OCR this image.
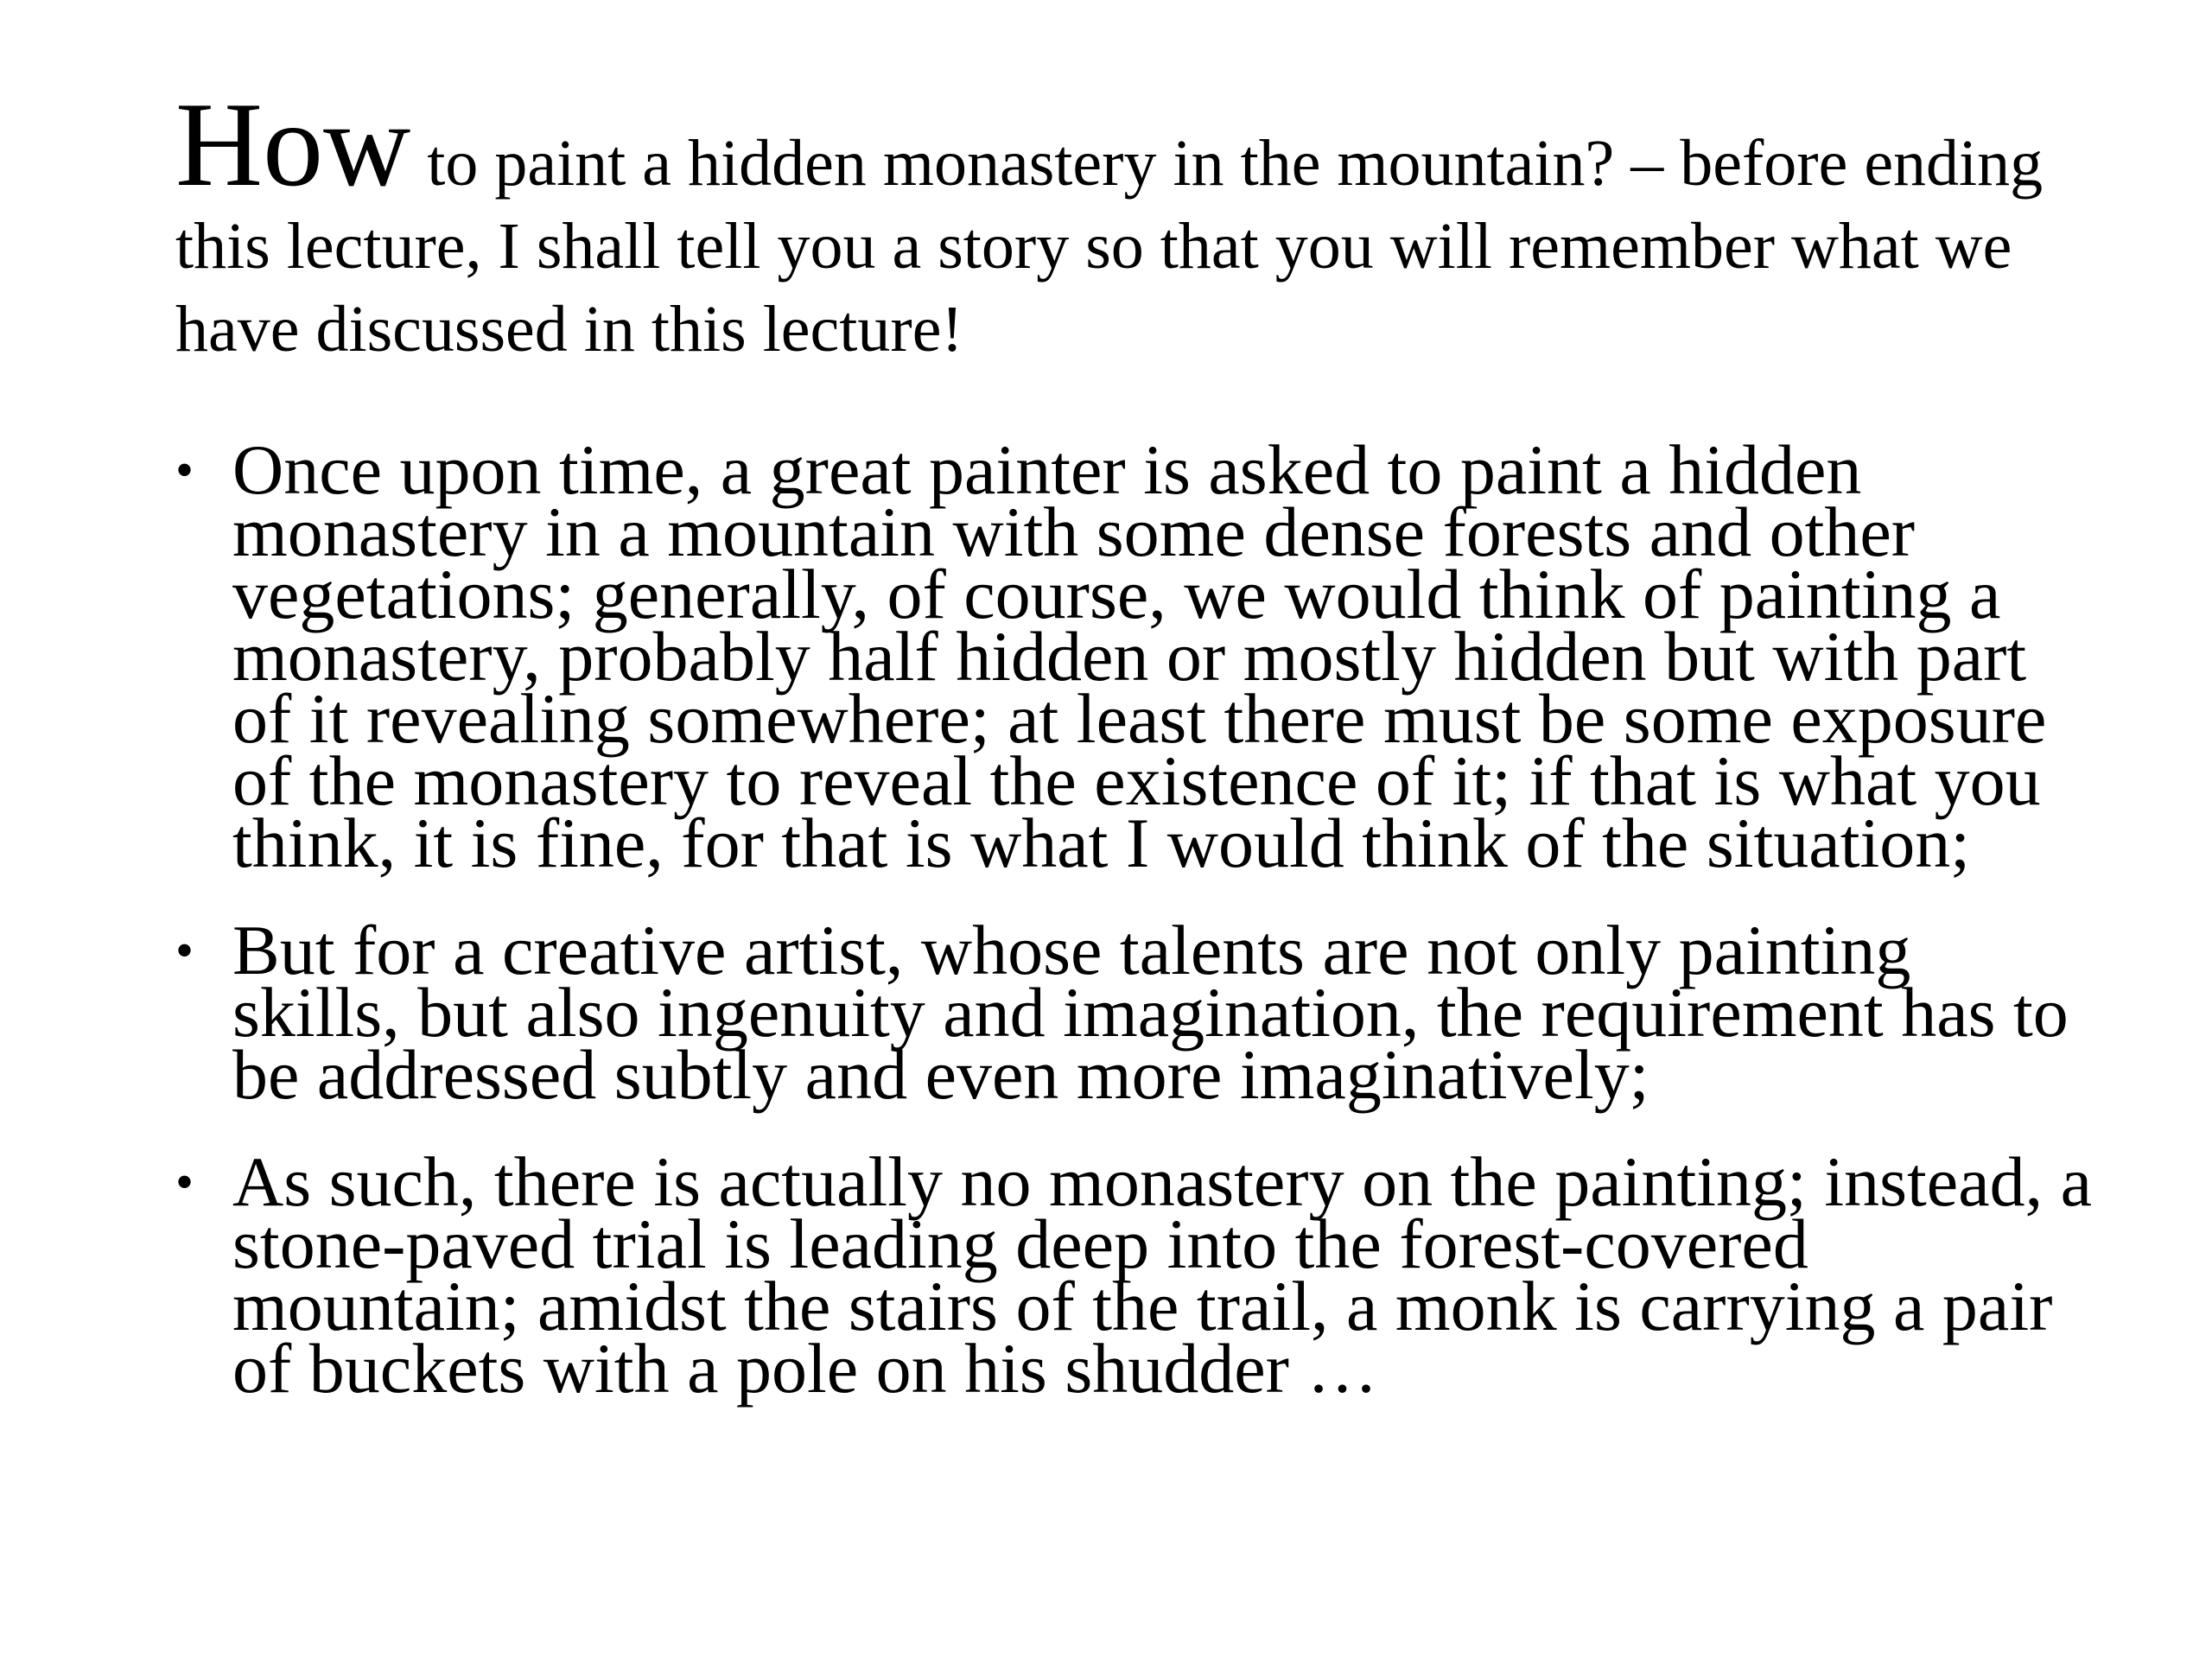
How to paint a hidden monastery in the mountain? – before ending this lecture, I shall tell you a story so that you will remember what we have discussed in this lecture!
• Once upon time, a great painter is asked to paint a hidden monastery in a mountain with some dense forests and other vegetations; generally, of course, we would think of painting a monastery, probably half hidden or mostly hidden but with part of it revealing somewhere; at least there must be some exposure of the monastery to reveal the existence of it; if that is what you think, it is fine, for that is what I would think of the situation;
• But for a creative artist, whose talents are not only painting skills, but also ingenuity and imagination, the requirement has to be addressed subtly and even more imaginatively;
• As such, there is actually no monastery on the painting; instead, a stone-paved trial is leading deep into the forest-covered mountain; amidst the stairs of the trail, a monk is carrying a pair of buckets with a pole on his shudder …
